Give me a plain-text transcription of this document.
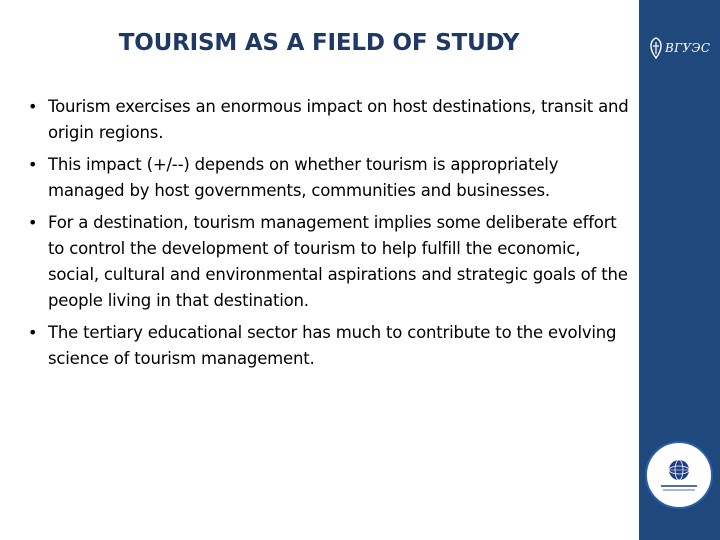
TOURISM AS A FIELD OF STUDY
• Tourism exercises an enormous impact on host destinations, transit and origin regions.
• This impact (+/--) depends on whether tourism is appropriately managed by host governments, communities and businesses.
• For a destination, tourism management implies some deliberate effort to control the development of tourism to help fulfill the economic, social, cultural and environmental aspirations and strategic goals of the people living in that destination.
• The tertiary educational sector has much to contribute to the evolving science of tourism management.
ВГУЭС
